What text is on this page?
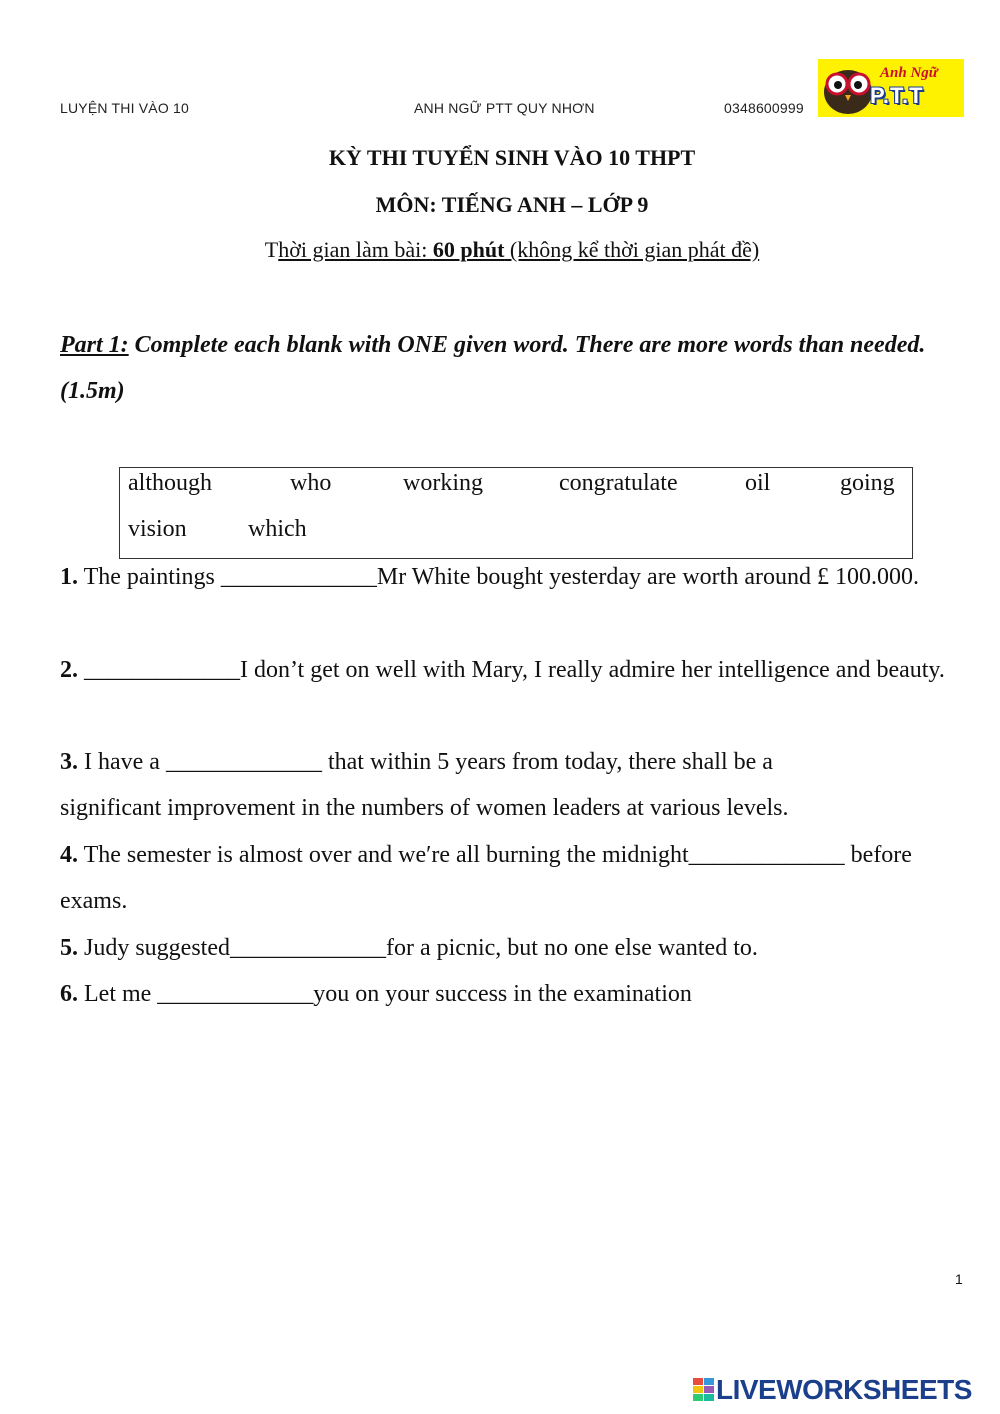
LUYỆN THI VÀO 10	ANH NGỮ PTT QUY NHƠN	0348600999
Anh Ngữ
P.T.T
KỲ THI TUYỂN SINH VÀO 10 THPT
MÔN: TIẾNG ANH – LỚP 9
Thời gian làm bài: 60 phút (không kể thời gian phát đề)
Part 1: Complete each blank with ONE given word. There are more words than needed.(1.5m)
although	who	working	congratulate	oil	going
vision	which
1. The paintings _____________Mr White bought yesterday are worth around £ 100.000.
2. _____________I don’t get on well with Mary, I really admire her intelligence and beauty.
3. I have a _____________ that within 5 years from today, there shall be a significant improvement in the numbers of women leaders at various levels.
4. The semester is almost over and we′re all burning the midnight_____________ before exams.
5. Judy suggested_____________for a picnic, but no one else wanted to.
6. Let me _____________you on your success in the examination
1
LIVEWORKSHEETS
